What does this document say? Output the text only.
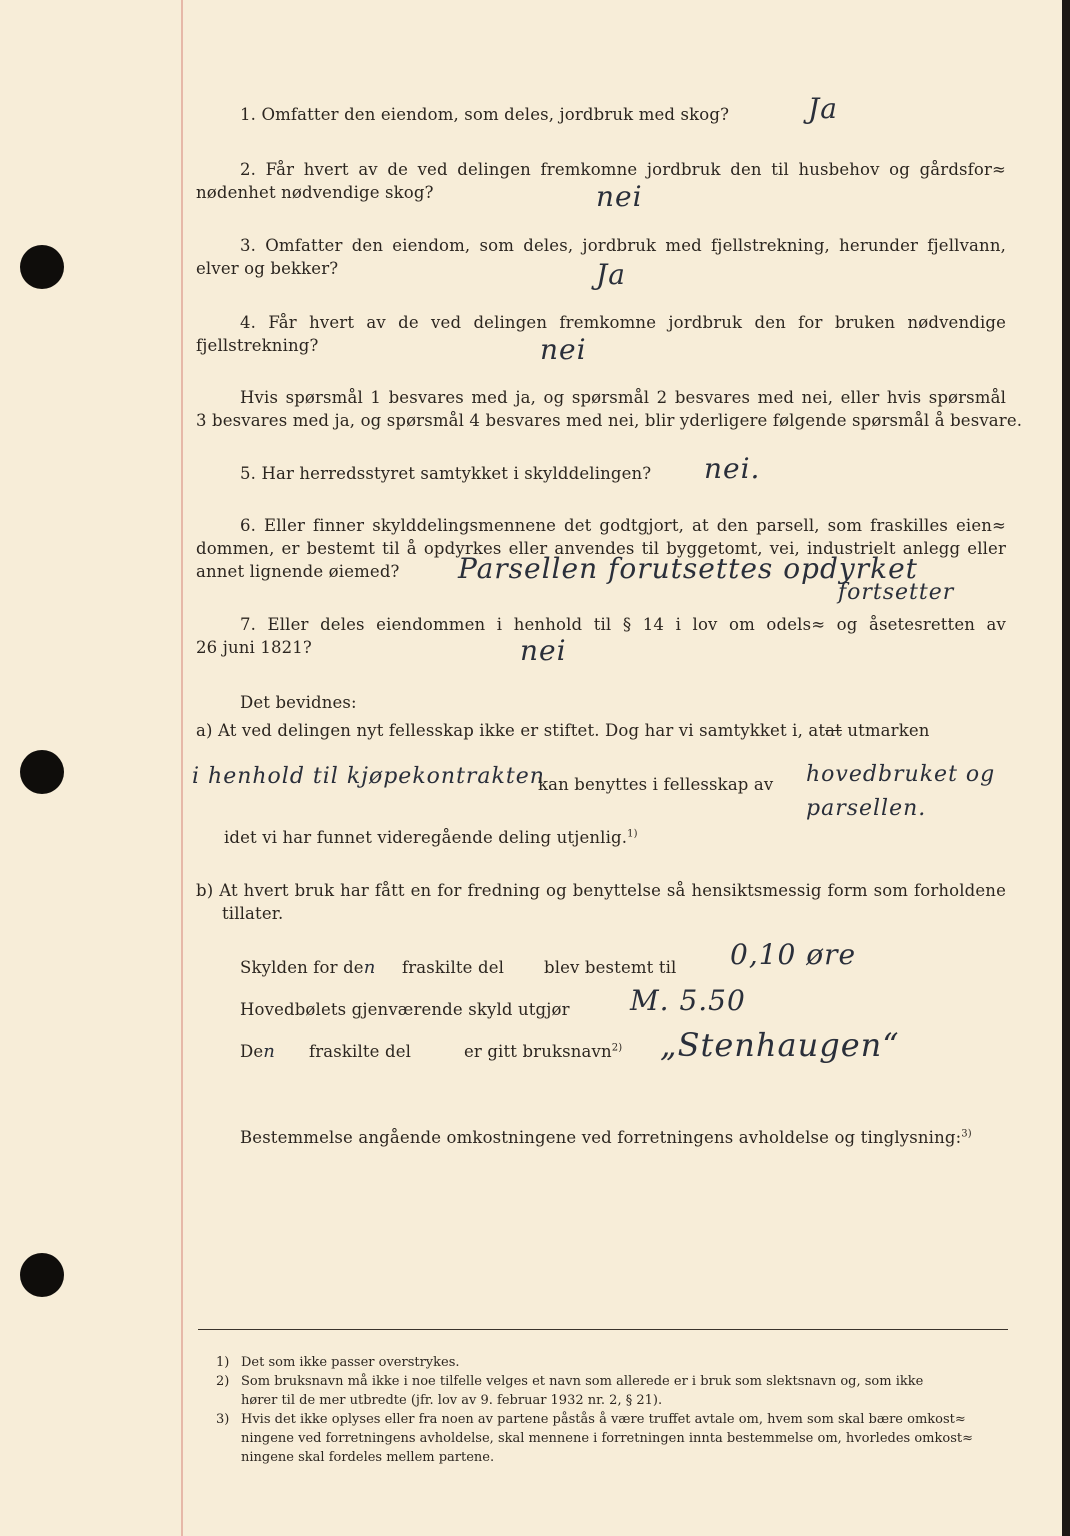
1. Omfatter den eiendom, som deles, jordbruk med skog?	Ja
2. Får hvert av de ved delingen fremkomne jordbruk den til husbehov og gårdsfor≈
nødenhet nødvendige skog?	nei
3. Omfatter den eiendom, som deles, jordbruk med fjellstrekning, herunder fjellvann,
elver og bekker?	Ja
4. Får hvert av de ved delingen fremkomne jordbruk den for bruken nødvendige
fjellstrekning?	nei
Hvis spørsmål 1 besvares med ja, og spørsmål 2 besvares med nei, eller hvis spørsmål
3 besvares med ja, og spørsmål 4 besvares med nei, blir yderligere følgende spørsmål å besvare.
5. Har herredsstyret samtykket i skylddelingen? nei.
6. Eller finner skylddelingsmennene det godtgjort, at den parsell, som fraskilles eien≈
dommen, er bestemt til å opdyrkes eller anvendes til byggetomt, vei, industrielt anlegg eller
annet lignende øiemed? Parsellen forutsettes opdyrket
fortsetter
7. Eller deles eiendommen i henhold til § 14 i lov om odels≈ og åsetesretten av
26 juni 1821?	nei
Det bevidnes:
a) At ved delingen nyt fellesskap ikke er stiftet. Dog har vi samtykket i, atat utmarken
i henhold til kjøpekontrakten
kan benyttes i fellesskap av hovedbruket og
parsellen.
idet vi har funnet videregående deling utjenlig.$^{1)}$
b) At hvert bruk har fått en for fredning og benyttelse så hensiktsmessig form som forholdene
tillater.
Skylden for den fraskilte del blev bestemt til 0,10 øre
Hovedbølets gjenværende skyld utgjør M. 5.50
Den fraskilte del	er gitt bruksnavn$^{2)}$ „Stenhaugen“
Bestemmelse angående omkostningene ved forretningens avholdelse og tinglysning:$^{3)}$
1) Det som ikke passer overstrykes.
2) Som bruksnavn må ikke i noe tilfelle velges et navn som allerede er i bruk som slektsnavn og, som ikke
hører til de mer utbredte (jfr. lov av 9. februar 1932 nr. 2, § 21).
3) Hvis det ikke oplyses eller fra noen av partene påstås å være truffet avtale om, hvem som skal bære omkost≈
ningene ved forretningens avholdelse, skal mennene i forretningen innta bestemmelse om, hvorledes omkost≈
ningene skal fordeles mellem partene.
